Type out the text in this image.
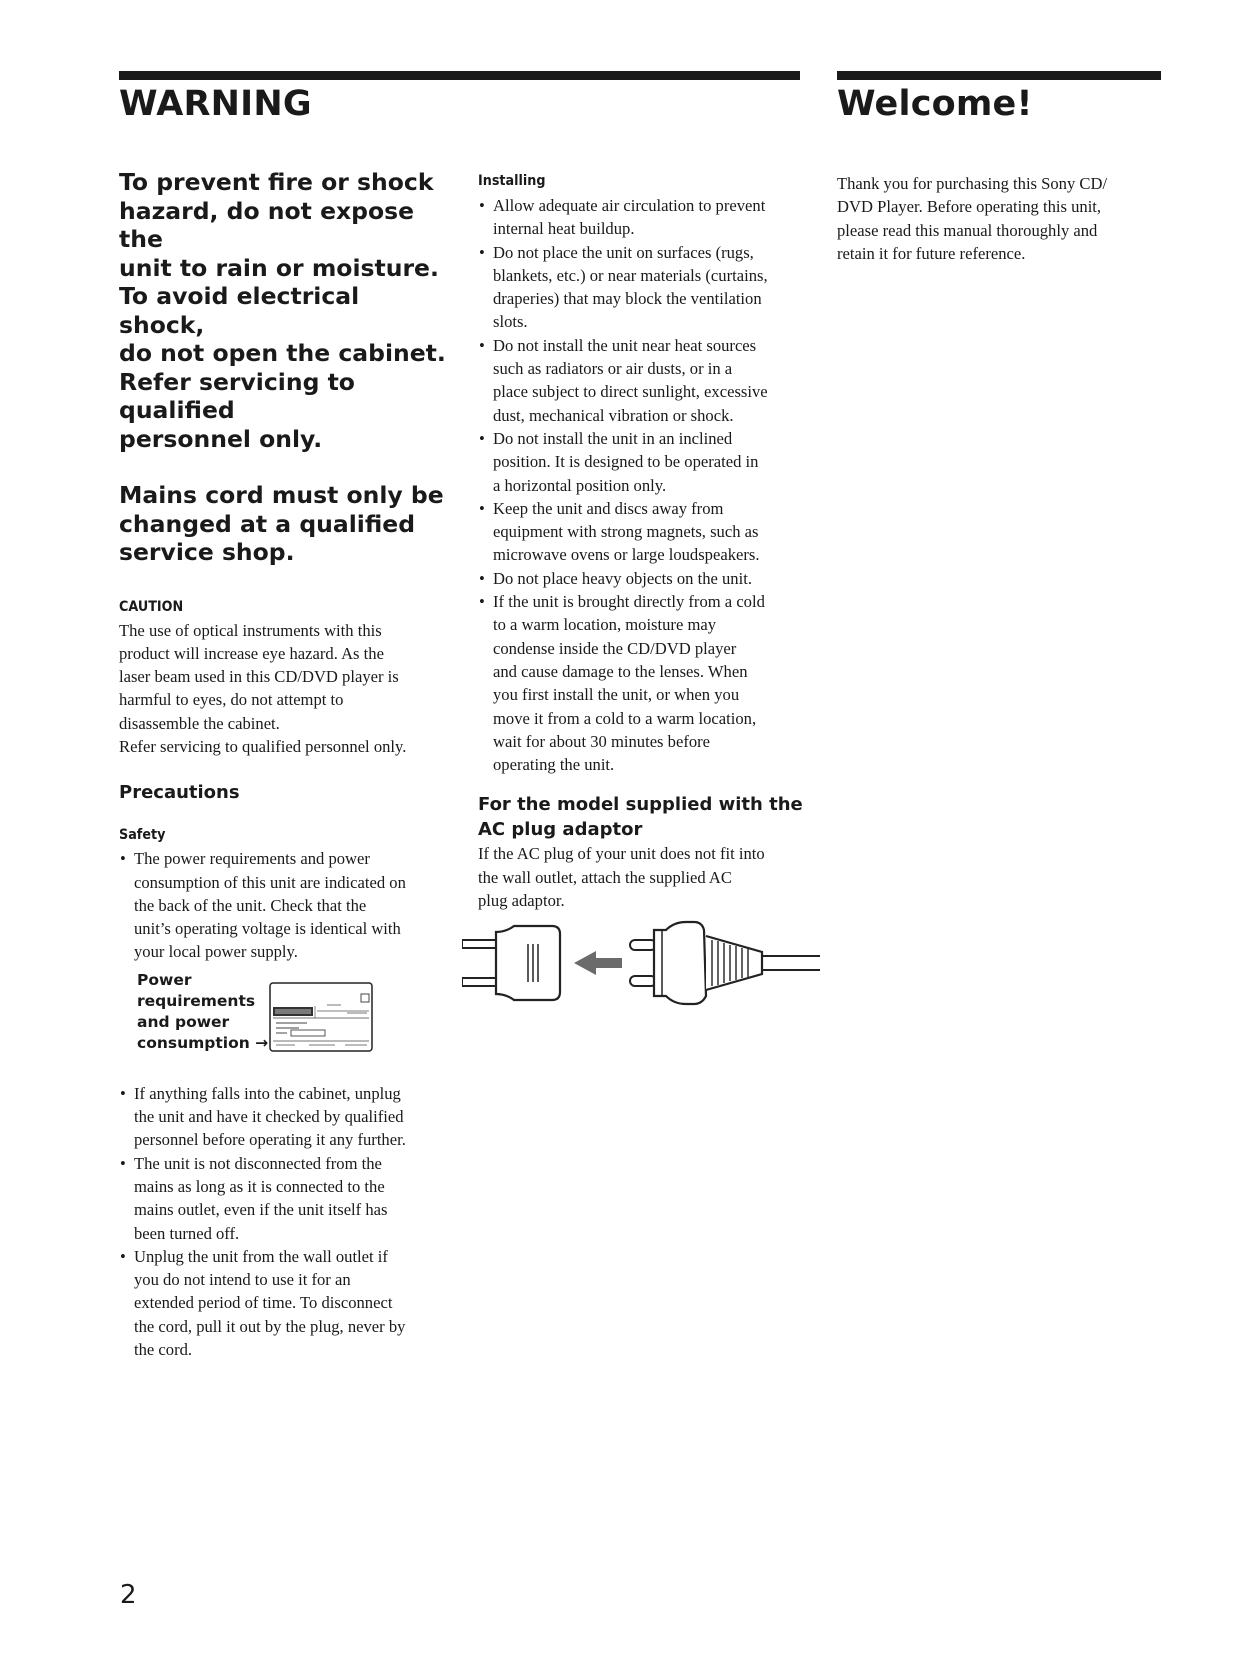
WARNING	Welcome!
To prevent fire or shock
hazard, do not expose the
unit to rain or moisture.
To avoid electrical shock,
do not open the cabinet.
Refer servicing to qualified
personnel only.
Mains cord must only be
changed at a qualified
service shop.
CAUTION
The use of optical instruments with this
product will increase eye hazard. As the
laser beam used in this CD/DVD player is
harmful to eyes, do not attempt to
disassemble the cabinet.
Refer servicing to qualified personnel only.
Precautions
Safety
• The power requirements and power
consumption of this unit are indicated on
the back of the unit. Check that the
unit’s operating voltage is identical with
your local power supply.
Power
requirements
and power
consumption →
• If anything falls into the cabinet, unplug
the unit and have it checked by qualified
personnel before operating it any further.
• The unit is not disconnected from the
mains as long as it is connected to the
mains outlet, even if the unit itself has
been turned off.
• Unplug the unit from the wall outlet if
you do not intend to use it for an
extended period of time. To disconnect
the cord, pull it out by the plug, never by
the cord.
Installing
• Allow adequate air circulation to prevent
internal heat buildup.
• Do not place the unit on surfaces (rugs,
blankets, etc.) or near materials (curtains,
draperies) that may block the ventilation
slots.
• Do not install the unit near heat sources
such as radiators or air dusts, or in a
place subject to direct sunlight, excessive
dust, mechanical vibration or shock.
• Do not install the unit in an inclined
position. It is designed to be operated in
a horizontal position only.
• Keep the unit and discs away from
equipment with strong magnets, such as
microwave ovens or large loudspeakers.
• Do not place heavy objects on the unit.
• If the unit is brought directly from a cold
to a warm location, moisture may
condense inside the CD/DVD player
and cause damage to the lenses. When
you first install the unit, or when you
move it from a cold to a warm location,
wait for about 30 minutes before
operating the unit.
For the model supplied with the
AC plug adaptor
If the AC plug of your unit does not fit into
the wall outlet, attach the supplied AC
plug adaptor.
Thank you for purchasing this Sony CD/
DVD Player. Before operating this unit,
please read this manual thoroughly and
retain it for future reference.
2
